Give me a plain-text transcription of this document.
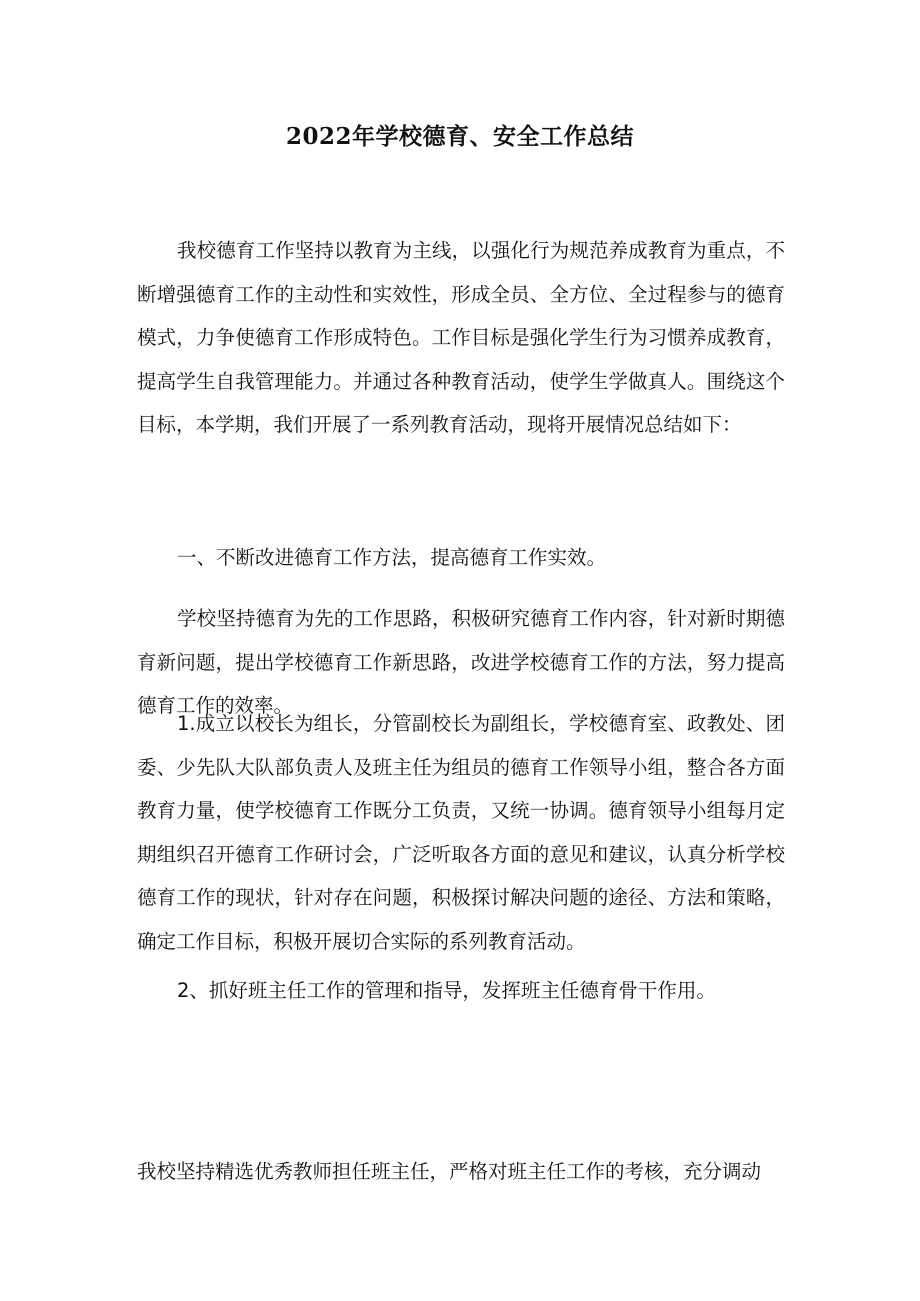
2022年学校德育、安全工作总结

我校德育工作坚持以教育为主线，以强化行为规范养成教育为重点，不断增强德育工作的主动性和实效性，形成全员、全方位、全过程参与的德育模式，力争使德育工作形成特色。工作目标是强化学生行为习惯养成教育，提高学生自我管理能力。并通过各种教育活动，使学生学做真人。围绕这个目标，本学期，我们开展了一系列教育活动，现将开展情况总结如下：

一、不断改进德育工作方法，提高德育工作实效。

学校坚持德育为先的工作思路，积极研究德育工作内容，针对新时期德育新问题，提出学校德育工作新思路，改进学校德育工作的方法，努力提高德育工作的效率。

1.成立以校长为组长，分管副校长为副组长，学校德育室、政教处、团委、少先队大队部负责人及班主任为组员的德育工作领导小组，整合各方面教育力量，使学校德育工作既分工负责，又统一协调。德育领导小组每月定期组织召开德育工作研讨会，广泛听取各方面的意见和建议，认真分析学校德育工作的现状，针对存在问题，积极探讨解决问题的途径、方法和策略，确定工作目标，积极开展切合实际的系列教育活动。

2、抓好班主任工作的管理和指导，发挥班主任德育骨干作用。

我校坚持精选优秀教师担任班主任，严格对班主任工作的考核，充分调动
